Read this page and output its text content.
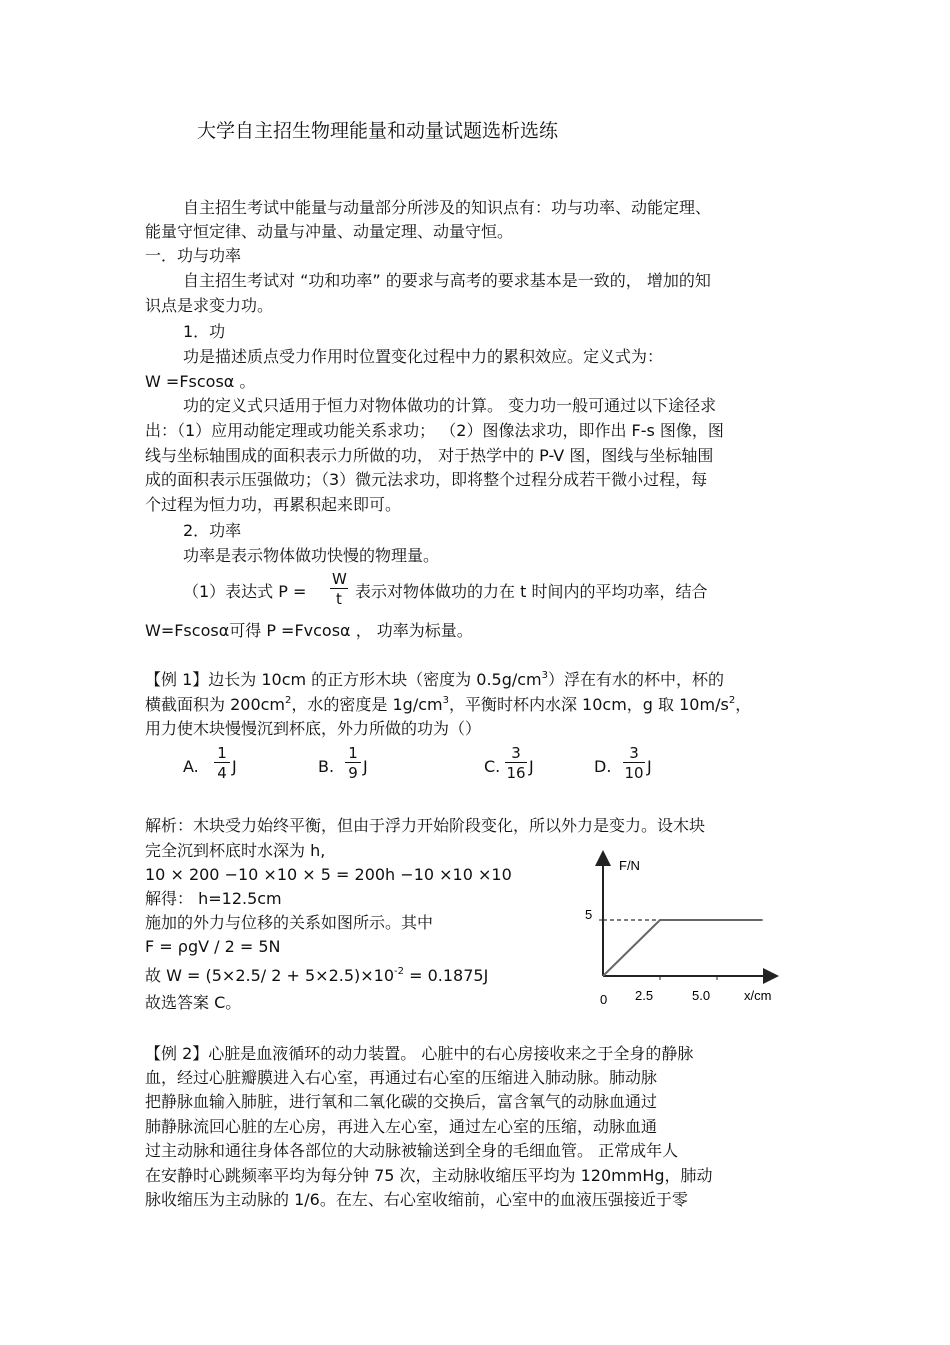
大学自主招生物理能量和动量试题选析选练
自主招生考试中能量与动量部分所涉及的知识点有：功与功率、动能定理、
能量守恒定律、动量与冲量、动量定理、动量守恒。
一．功与功率
自主招生考试对 “功和功率” 的要求与高考的要求基本是一致的， 增加的知
识点是求变力功。
1．功
功是描述质点受力作用时位置变化过程中力的累积效应。定义式为：
W =Fscosα 。
功的定义式只适用于恒力对物体做功的计算。 变力功一般可通过以下途径求
出：（1）应用动能定理或功能关系求功； （2）图像法求功，即作出 F-s 图像，图
线与坐标轴围成的面积表示力所做的功， 对于热学中的 P-V 图，图线与坐标轴围
成的面积表示压强做功；（3）微元法求功，即将整个过程分成若干微小过程，每
个过程为恒力功，再累积起来即可。
2．功率
功率是表示物体做功快慢的物理量。
（1）表达式 P =
W
t 表示对物体做功的力在 t 时间内的平均功率，结合
W=Fscosα可得 P =Fvcosα ， 功率为标量。
【例 1】边长为 10cm 的正方形木块（密度为 $0.5g/cm^3$）浮在有水的杯中，杯的
横截面积为 $200cm^2$，水的密度是 $1g/cm^3$，平衡时杯内水深 10cm，g 取 $10m/s^2$，
用力使木块慢慢沉到杯底，外力所做的功为（）
A.
1
4 J	B.
1
9 J	C.
3
16 J	D.
3
10 J
解析：木块受力始终平衡，但由于浮力开始阶段变化，所以外力是变力。设木块
完全沉到杯底时水深为 h,
10 × 200 −10 ×10 × 5 = 200h −10 ×10 ×10
解得： h=12.5cm
施加的外力与位移的关系如图所示。其中
F = ρgV / 2 = 5N
故 W = (5×2.5/ $2 + 5\times 2.5)\times 10^{-2} = 0.1875J$
故选答案 C。
F/N
5
0 2.5	5.0	x/cm
【例 2】心脏是血液循环的动力装置。 心脏中的右心房接收来之于全身的静脉
血，经过心脏瓣膜进入右心室，再通过右心室的压缩进入肺动脉。肺动脉
把静脉血输入肺脏，进行氧和二氧化碳的交换后，富含氧气的动脉血通过
肺静脉流回心脏的左心房，再进入左心室，通过左心室的压缩，动脉血通
过主动脉和通往身体各部位的大动脉被输送到全身的毛细血管。 正常成年人
在安静时心跳频率平均为每分钟 75 次，主动脉收缩压平均为 120mmHg，肺动
脉收缩压为主动脉的 1/6。在左、右心室收缩前，心室中的血液压强接近于零
